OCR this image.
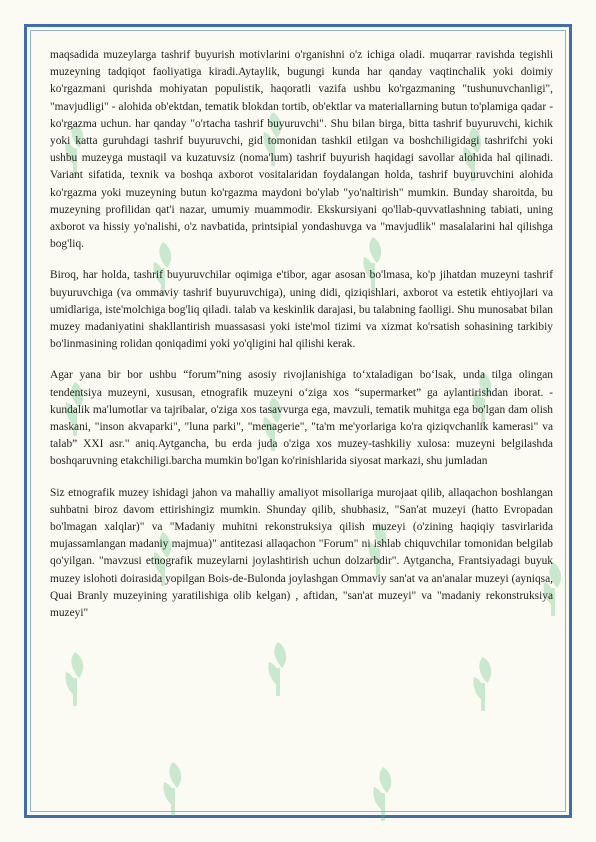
maqsadida muzeylarga tashrif buyurish motivlarini o'rganishni o'z ichiga oladi. muqarrar ravishda tegishli muzeyning tadqiqot faoliyatiga kiradi.Aytaylik, bugungi kunda har qanday vaqtinchalik yoki doimiy ko'rgazmani qurishda mohiyatan populistik, haqoratli vazifa ushbu ko'rgazmaning "tushunuvchanligi", "mavjudligi" - alohida ob'ektdan, tematik blokdan tortib, ob'ektlar va materiallarning butun to'plamiga qadar - ko'rgazma uchun. har qanday "o'rtacha tashrif buyuruvchi". Shu bilan birga, bitta tashrif buyuruvchi, kichik yoki katta guruhdagi tashrif buyuruvchi, gid tomonidan tashkil etilgan va boshchiligidagi tashrifchi yoki ushbu muzeyga mustaqil va kuzatuvsiz (noma'lum) tashrif buyurish haqidagi savollar alohida hal qilinadi. Variant sifatida, texnik va boshqa axborot vositalaridan foydalangan holda, tashrif buyuruvchini alohida ko'rgazma yoki muzeyning butun ko'rgazma maydoni bo'ylab "yo'naltirish" mumkin. Bunday sharoitda, bu muzeyning profilidan qat'i nazar, umumiy muammodir. Ekskursiyani qo'llab-quvvatlashning tabiati, uning axborot va hissiy yo'nalishi, o'z navbatida, printsipial yondashuvga va "mavjudlik" masalalarini hal qilishga bog'liq.

Biroq, har holda, tashrif buyuruvchilar oqimiga e'tibor, agar asosan bo'lmasa, ko'p jihatdan muzeyni tashrif buyuruvchiga (va ommaviy tashrif buyuruvchiga), uning didi, qiziqishlari, axborot va estetik ehtiyojlari va umidlariga, iste'molchiga bog'liq qiladi. talab va keskinlik darajasi, bu talabning faolligi. Shu munosabat bilan muzey madaniyatini shakllantirish muassasasi yoki iste'mol tizimi va xizmat ko'rsatish sohasining tarkibiy bo'linmasining rolidan qoniqadimi yoki yo'qligini hal qilishi kerak.

Agar yana bir bor ushbu “forum”ning asosiy rivojlanishiga to‘xtaladigan bo‘lsak, unda tilga olingan tendentsiya muzeyni, xususan, etnografik muzeyni o‘ziga xos “supermarket” ga aylantirishdan iborat. - kundalik ma'lumotlar va tajribalar, o'ziga xos tasavvurga ega, mavzuli, tematik muhitga ega bo'lgan dam olish maskani, "inson akvaparki", "luna parki", "menagerie", "ta'm me'yorlariga ko'ra qiziqvchanlik kamerasi" va talab” XXI asr." aniq.Aytgancha, bu erda juda o'ziga xos muzey-tashkiliy xulosa: muzeyni belgilashda boshqaruvning etakchiligi.barcha mumkin bo'lgan ko'rinishlarida siyosat markazi, shu jumladan

Siz etnografik muzey ishidagi jahon va mahalliy amaliyot misollariga murojaat qilib, allaqachon boshlangan suhbatni biroz davom ettirishingiz mumkin. Shunday qilib, shubhasiz, "San'at muzeyi (hatto Evropadan bo'lmagan xalqlar)" va "Madaniy muhitni rekonstruksiya qilish muzeyi (o'zining haqiqiy tasvirlarida mujassamlangan madaniy majmua)" antitezasi allaqachon "Forum" ni ishlab chiquvchilar tomonidan belgilab qo'yilgan. "mavzusi etnografik muzeylarni joylashtirish uchun dolzarbdir". Aytgancha, Frantsiyadagi buyuk muzey islohoti doirasida yopilgan Bois-de-Bulonda joylashgan Ommaviy san'at va an'analar muzeyi (ayniqsa, Quai Branly muzeyining yaratilishiga olib kelgan) , aftidan, "san'at muzeyi" va "madaniy rekonstruksiya muzeyi"
